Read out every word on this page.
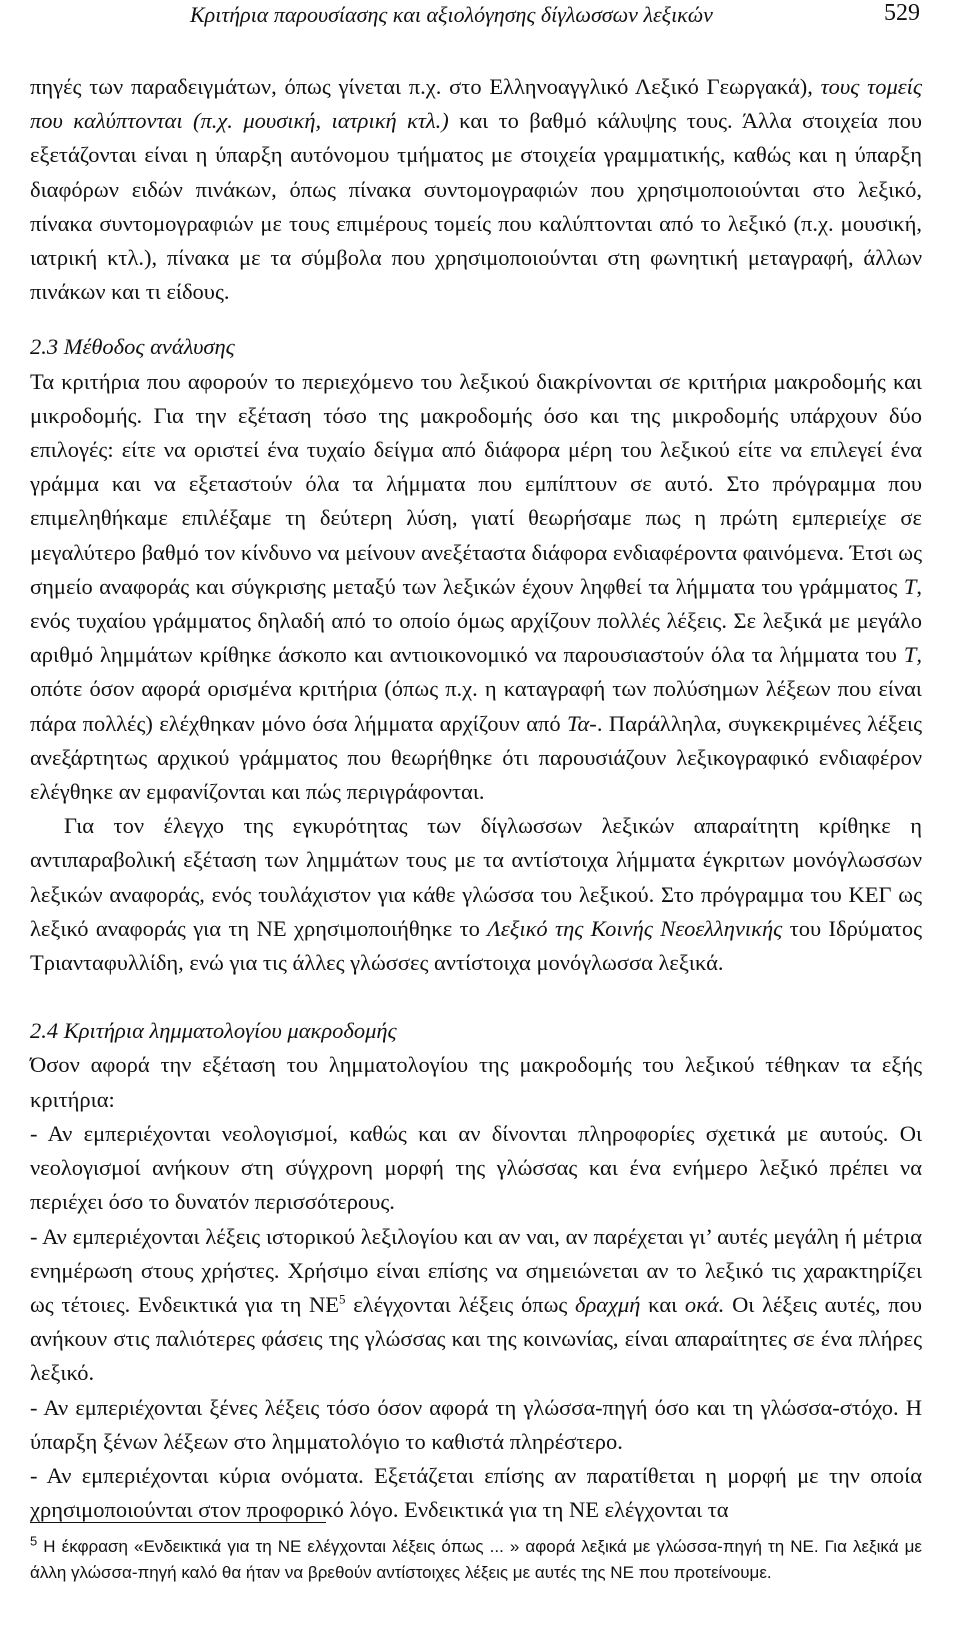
Κριτήρια παρουσίασης και αξιολόγησης δίγλωσσων λεξικών	529

πηγές των παραδειγμάτων, όπως γίνεται π.χ. στο Ελληνοαγγλικό Λεξικό Γεωργακά), τους τομείς που καλύπτονται (π.χ. μουσική, ιατρική κτλ.) και το βαθμό κάλυψης τους. Άλλα στοιχεία που εξετάζονται είναι η ύπαρξη αυτόνομου τμήματος με στοιχεία γραμματικής, καθώς και η ύπαρξη διαφόρων ειδών πινάκων, όπως πίνακα συντομογραφιών που χρησιμοποιούνται στο λεξικό, πίνακα συντομογραφιών με τους επιμέρους τομείς που καλύπτονται από το λεξικό (π.χ. μουσική, ιατρική κτλ.), πίνακα με τα σύμβολα που χρησιμοποιούνται στη φωνητική μεταγραφή, άλλων πινάκων και τι είδους.

2.3 Μέθοδος ανάλυσης

Τα κριτήρια που αφορούν το περιεχόμενο του λεξικού διακρίνονται σε κριτήρια μακροδομής και μικροδομής. Για την εξέταση τόσο της μακροδομής όσο και της μικροδομής υπάρχουν δύο επιλογές: είτε να οριστεί ένα τυχαίο δείγμα από διάφορα μέρη του λεξικού είτε να επιλεγεί ένα γράμμα και να εξεταστούν όλα τα λήμματα που εμπίπτουν σε αυτό. Στο πρόγραμμα που επιμεληθήκαμε επιλέξαμε τη δεύτερη λύση, γιατί θεωρήσαμε πως η πρώτη εμπεριείχε σε μεγαλύτερο βαθμό τον κίνδυνο να μείνουν ανεξέταστα διάφορα ενδιαφέροντα φαινόμενα. Έτσι ως σημείο αναφοράς και σύγκρισης μεταξύ των λεξικών έχουν ληφθεί τα λήμματα του γράμματος Τ, ενός τυχαίου γράμματος δηλαδή από το οποίο όμως αρχίζουν πολλές λέξεις. Σε λεξικά με μεγάλο αριθμό λημμάτων κρίθηκε άσκοπο και αντιοικονομικό να παρουσιαστούν όλα τα λήμματα του Τ, οπότε όσον αφορά ορισμένα κριτήρια (όπως π.χ. η καταγραφή των πολύσημων λέξεων που είναι πάρα πολλές) ελέχθηκαν μόνο όσα λήμματα αρχίζουν από Τα-. Παράλληλα, συγκεκριμένες λέξεις ανεξάρτητως αρχικού γράμματος που θεωρήθηκε ότι παρουσιάζουν λεξικογραφικό ενδιαφέρον ελέγθηκε αν εμφανίζονται και πώς περιγράφονται.

Για τον έλεγχο της εγκυρότητας των δίγλωσσων λεξικών απαραίτητη κρίθηκε η αντιπαραβολική εξέταση των λημμάτων τους με τα αντίστοιχα λήμματα έγκριτων μονόγλωσσων λεξικών αναφοράς, ενός τουλάχιστον για κάθε γλώσσα του λεξικού. Στο πρόγραμμα του ΚΕΓ ως λεξικό αναφοράς για τη ΝΕ χρησιμοποιήθηκε το Λεξικό της Κοινής Νεοελληνικής του Ιδρύματος Τριανταφυλλίδη, ενώ για τις άλλες γλώσσες αντίστοιχα μονόγλωσσα λεξικά.

2.4 Κριτήρια λημματολογίου μακροδομής

Όσον αφορά την εξέταση του λημματολογίου της μακροδομής του λεξικού τέθηκαν τα εξής κριτήρια:

- Αν εμπεριέχονται νεολογισμοί, καθώς και αν δίνονται πληροφορίες σχετικά με αυτούς. Οι νεολογισμοί ανήκουν στη σύγχρονη μορφή της γλώσσας και ένα ενήμερο λεξικό πρέπει να περιέχει όσο το δυνατόν περισσότερους.

- Αν εμπεριέχονται λέξεις ιστορικού λεξιλογίου και αν ναι, αν παρέχεται γι’ αυτές μεγάλη ή μέτρια ενημέρωση στους χρήστες. Χρήσιμο είναι επίσης να σημειώνεται αν το λεξικό τις χαρακτηρίζει ως τέτοιες. Ενδεικτικά για τη $NE^5$ ελέγχονται λέξεις όπως δραχμή και οκά. Οι λέξεις αυτές, που ανήκουν στις παλιότερες φάσεις της γλώσσας και της κοινωνίας, είναι απαραίτητες σε ένα πλήρες λεξικό.

- Αν εμπεριέχονται ξένες λέξεις τόσο όσον αφορά τη γλώσσα-πηγή όσο και τη γλώσσα-στόχο. Η ύπαρξη ξένων λέξεων στο λημματολόγιο το καθιστά πληρέστερο.

- Αν εμπεριέχονται κύρια ονόματα. Εξετάζεται επίσης αν παρατίθεται η μορφή με την οποία χρησιμοποιούνται στον προφορικό λόγο. Ενδεικτικά για τη ΝΕ ελέγχονται τα

$^5$ Η έκφραση «Ενδεικτικά για τη ΝΕ ελέγχονται λέξεις όπως ... » αφορά λεξικά με γλώσσα-πηγή τη ΝΕ. Για λεξικά με άλλη γλώσσα-πηγή καλό θα ήταν να βρεθούν αντίστοιχες λέξεις με αυτές της ΝΕ που προτείνουμε.
